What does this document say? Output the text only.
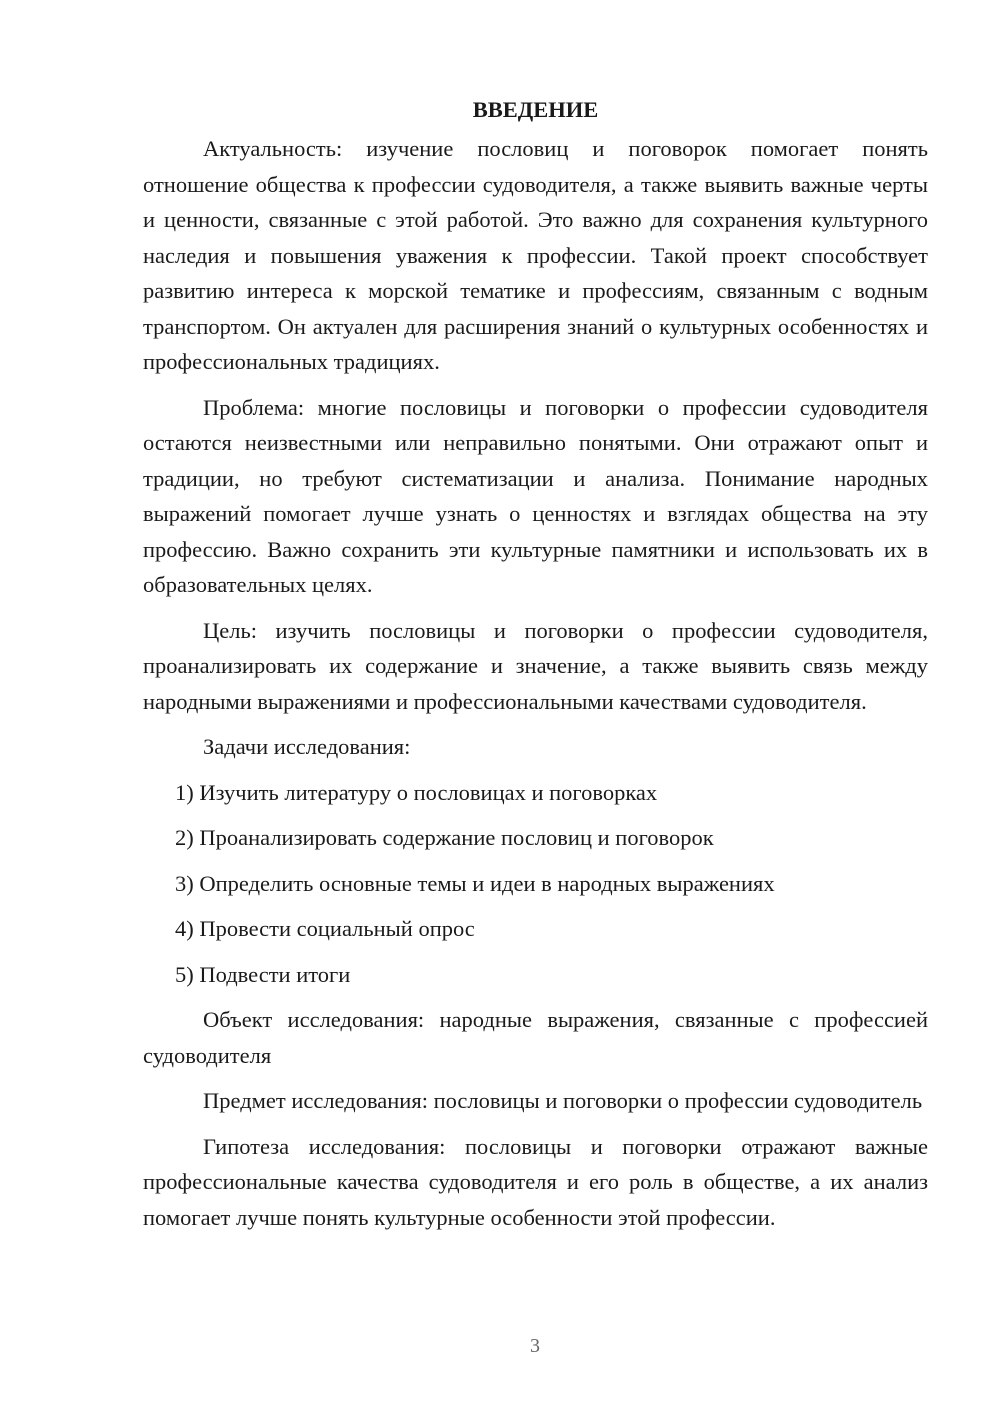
ВВЕДЕНИЕ

Актуальность: изучение пословиц и поговорок помогает понять отношение общества к профессии судоводителя, а также выявить важные черты и ценности, связанные с этой работой. Это важно для сохранения культурного наследия и повышения уважения к профессии. Такой проект способствует развитию интереса к морской тематике и профессиям, связанным с водным транспортом. Он актуален для расширения знаний о культурных особенностях и профессиональных традициях.

Проблема: многие пословицы и поговорки о профессии судоводителя остаются неизвестными или неправильно понятыми. Они отражают опыт и традиции, но требуют систематизации и анализа. Понимание народных выражений помогает лучше узнать о ценностях и взглядах общества на эту профессию. Важно сохранить эти культурные памятники и использовать их в образовательных целях.

Цель: изучить пословицы и поговорки о профессии судоводителя, проанализировать их содержание и значение, а также выявить связь между народными выражениями и профессиональными качествами судоводителя.

Задачи исследования:

1) Изучить литературу о пословицах и поговорках
2) Проанализировать содержание пословиц и поговорок
3) Определить основные темы и идеи в народных выражениях
4) Провести социальный опрос
5) Подвести итоги

Объект исследования: народные выражения, связанные с профессией судоводителя

Предмет исследования: пословицы и поговорки о профессии судоводитель

Гипотеза исследования: пословицы и поговорки отражают важные профессиональные качества судоводителя и его роль в обществе, а их анализ помогает лучше понять культурные особенности этой профессии.

3
